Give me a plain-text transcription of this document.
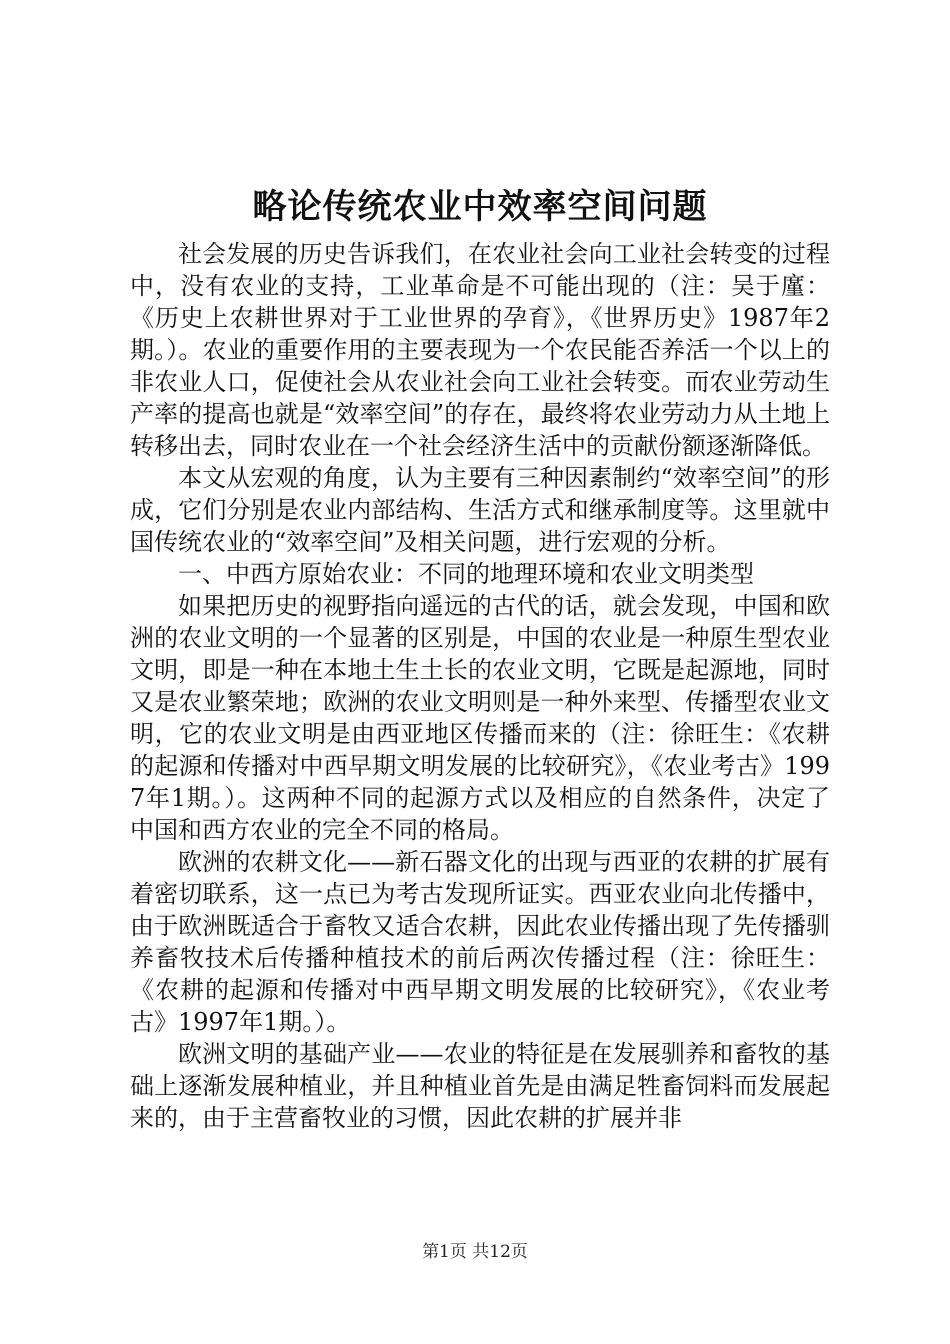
略论传统农业中效率空间问题

社会发展的历史告诉我们，在农业社会向工业社会转变的过程中，没有农业的支持，工业革命是不可能出现的（注：吴于廑：《历史上农耕世界对于工业世界的孕育》，《世界历史》1987年2期。）。农业的重要作用的主要表现为一个农民能否养活一个以上的非农业人口，促使社会从农业社会向工业社会转变。而农业劳动生产率的提高也就是“效率空间”的存在，最终将农业劳动力从土地上转移出去，同时农业在一个社会经济生活中的贡献份额逐渐降低。

本文从宏观的角度，认为主要有三种因素制约“效率空间”的形成，它们分别是农业内部结构、生活方式和继承制度等。这里就中国传统农业的“效率空间”及相关问题，进行宏观的分析。

一、中西方原始农业：不同的地理环境和农业文明类型

如果把历史的视野指向遥远的古代的话，就会发现，中国和欧洲的农业文明的一个显著的区别是，中国的农业是一种原生型农业文明，即是一种在本地土生土长的农业文明，它既是起源地，同时又是农业繁荣地；欧洲的农业文明则是一种外来型、传播型农业文明，它的农业文明是由西亚地区传播而来的（注：徐旺生：《农耕的起源和传播对中西早期文明发展的比较研究》，《农业考古》1997年1期。）。这两种不同的起源方式以及相应的自然条件，决定了中国和西方农业的完全不同的格局。

欧洲的农耕文化——新石器文化的出现与西亚的农耕的扩展有着密切联系，这一点已为考古发现所证实。西亚农业向北传播中，由于欧洲既适合于畜牧又适合农耕，因此农业传播出现了先传播驯养畜牧技术后传播种植技术的前后两次传播过程（注：徐旺生：《农耕的起源和传播对中西早期文明发展的比较研究》，《农业考古》1997年1期。）。

欧洲文明的基础产业——农业的特征是在发展驯养和畜牧的基础上逐渐发展种植业，并且种植业首先是由满足牲畜饲料而发展起来的，由于主营畜牧业的习惯，因此农耕的扩展并非

第1页 共12页
